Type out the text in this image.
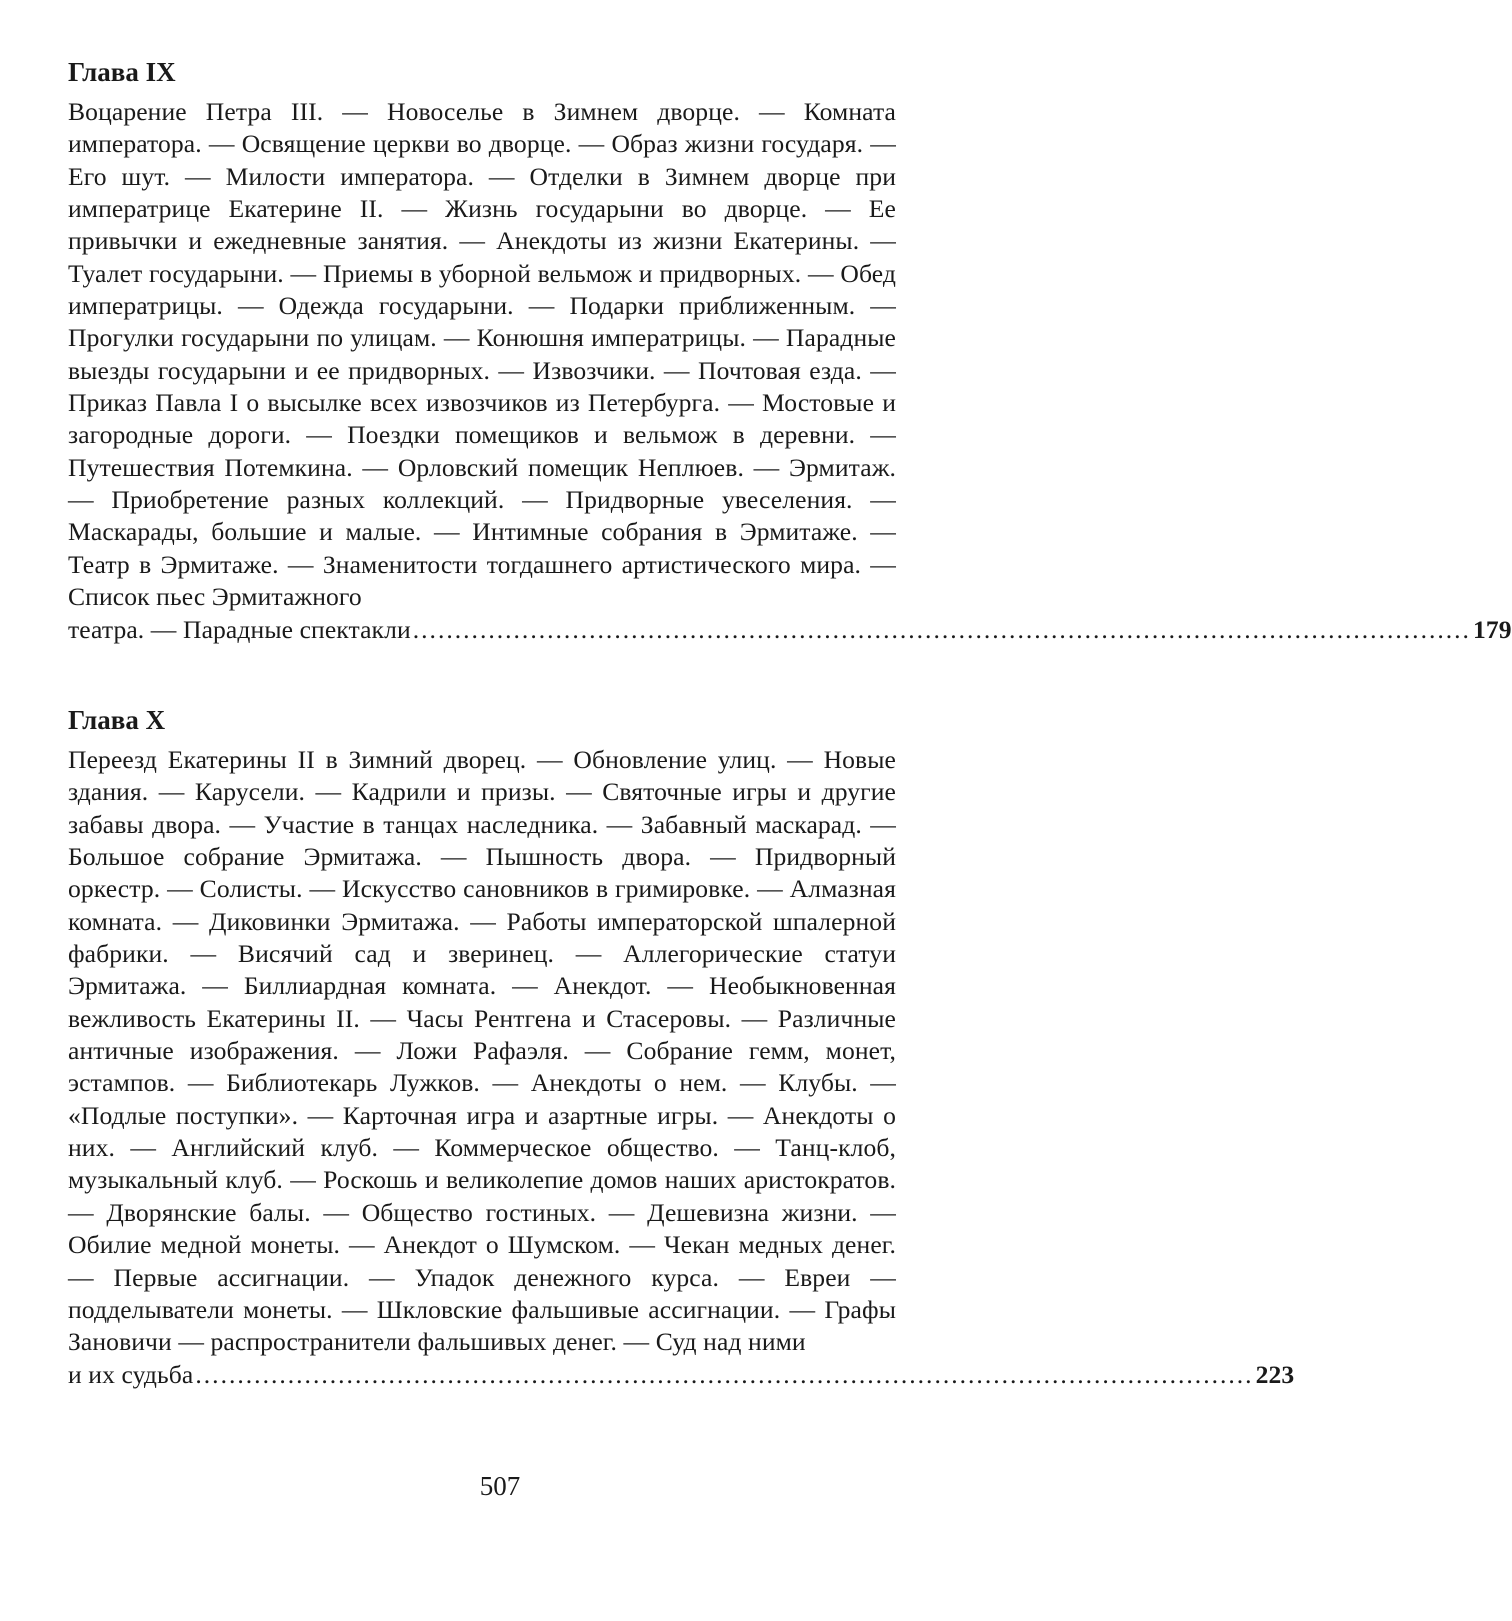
Глава IX
Воцарение Петра III. — Новоселье в Зимнем дворце. — Комната императора. — Освящение церкви во дворце. — Образ жизни государя. — Его шут. — Милости императора. — Отделки в Зимнем дворце при императрице Екатерине II. — Жизнь государыни во дворце. — Ее привычки и ежедневные занятия. — Анекдоты из жизни Екатерины. — Туалет государыни. — Приемы в уборной вельмож и придворных. — Обед императрицы. — Одежда государыни. — Подарки приближенным. — Прогулки государыни по улицам. — Конюшня императрицы. — Парадные выезды государыни и ее придворных. — Извозчики. — Почтовая езда. — Приказ Павла I о высылке всех извозчиков из Петербурга. — Мостовые и загородные дороги. — Поездки помещиков и вельмож в деревни. — Путешествия Потемкина. — Орловский помещик Неплюев. — Эрмитаж. — Приобретение разных коллекций. — Придворные увеселения. — Маскарады, большие и малые. — Интимные собрания в Эрмитаже. — Театр в Эрмитаже. — Знаменитости тогдашнего артистического мира. — Список пьес Эрмитажного
театра. — Парадные спектакли .............................................................................................................................. 179
Глава X
Переезд Екатерины II в Зимний дворец. — Обновление улиц. — Новые здания. — Карусели. — Кадрили и призы. — Святочные игры и другие забавы двора. — Участие в танцах наследника. — Забавный маскарад. — Большое собрание Эрмитажа. — Пышность двора. — Придворный оркестр. — Солисты. — Искусство сановников в гримировке. — Алмазная комната. — Диковинки Эрмитажа. — Работы императорской шпалерной фабрики. — Висячий сад и зверинец. — Аллегорические статуи Эрмитажа. — Биллиардная комната. — Анекдот. — Необыкновенная вежливость Екатерины II. — Часы Рентгена и Стасеровы. — Различные античные изображения. — Ложи Рафаэля. — Собрание гемм, монет, эстампов. — Библиотекарь Лужков. — Анекдоты о нем. — Клубы. — «Подлые поступки». — Карточная игра и азартные игры. — Анекдоты о них. — Английский клуб. — Коммерческое общество. — Танц-клоб, музыкальный клуб. — Роскошь и великолепие домов наших аристократов. — Дворянские балы. — Общество гостиных. — Дешевизна жизни. — Обилие медной монеты. — Анекдот о Шумском. — Чекан медных денег. — Первые ассигнации. — Упадок денежного курса. — Евреи — подделыватели монеты. — Шкловские фальшивые ассигнации. — Графы Зановичи — распространители фальшивых денег. — Суд над ними
и их судьба .............................................................................................................................. 223
507
